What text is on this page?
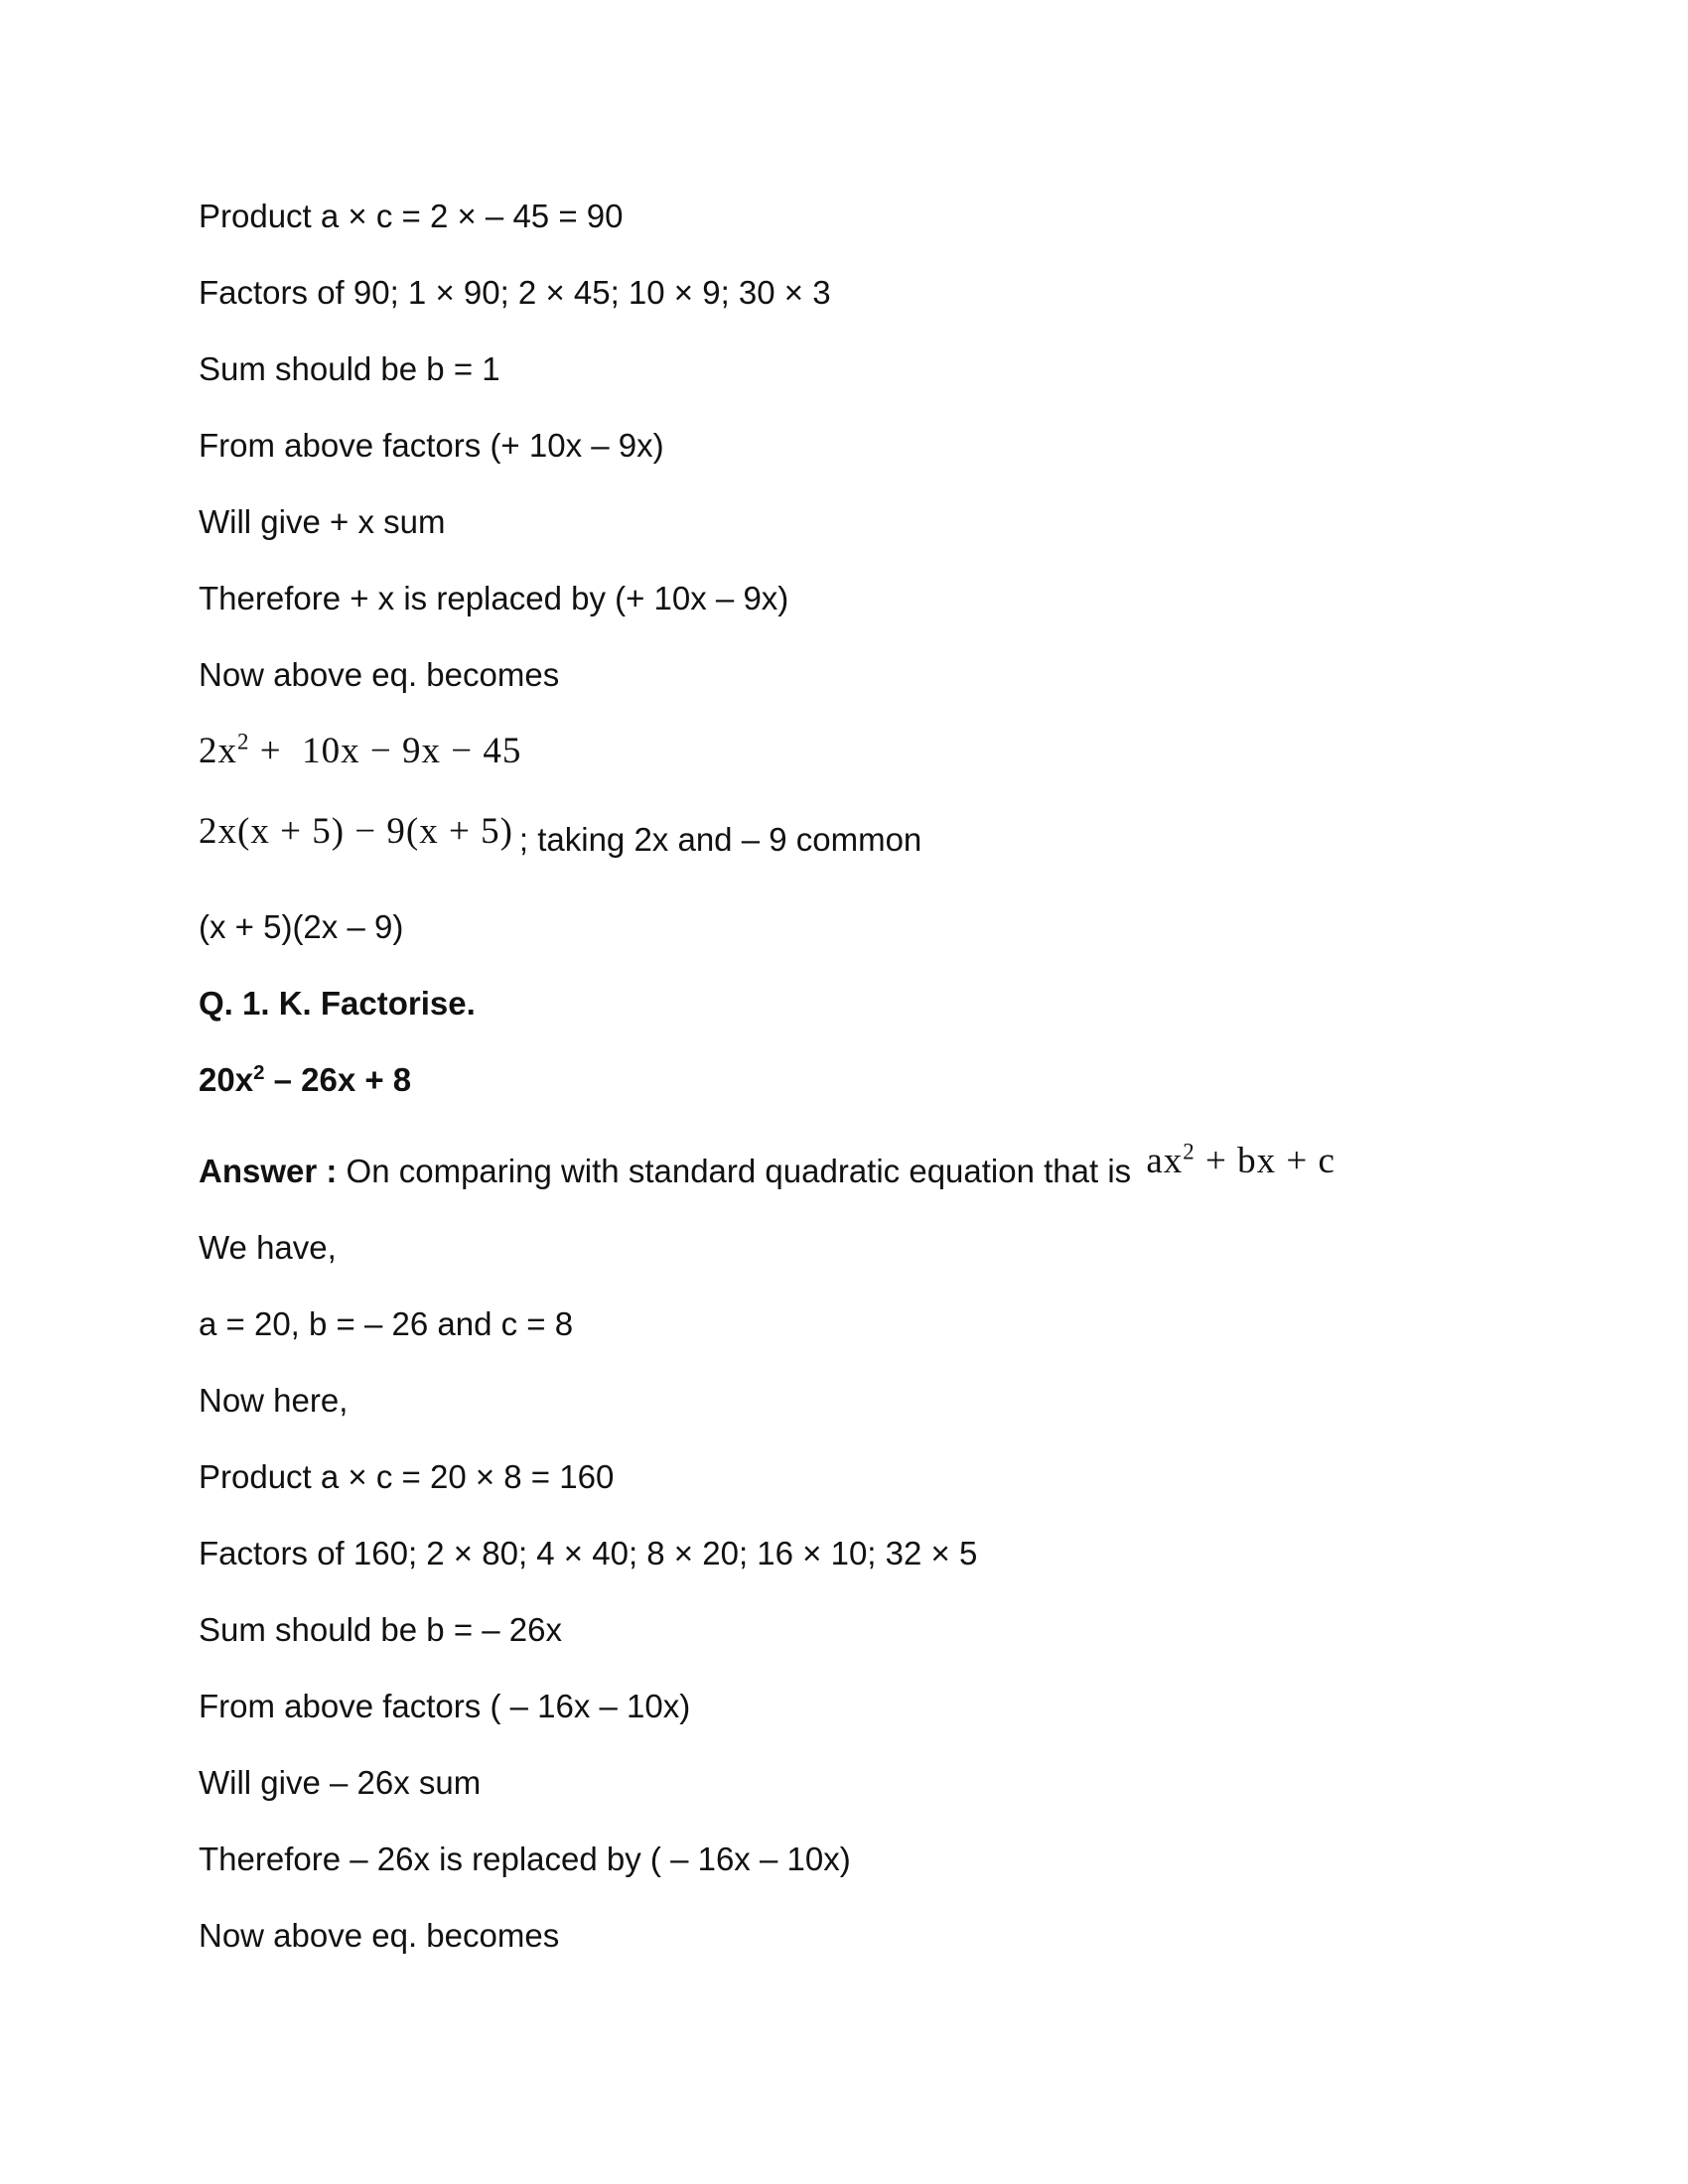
Product a × c = 2 × – 45 = 90
Factors of 90; 1 × 90; 2 × 45; 10 × 9; 30 × 3
Sum should be b = 1
From above factors (+ 10x – 9x)
Will give + x sum
Therefore + x is replaced by (+ 10x – 9x)
Now above eq. becomes
$2x^2 + 10x - 9x - 45$
2x(x + 5) − 9(x + 5) ; taking 2x and – 9 common
(x + 5)(2x – 9)
Q. 1. K. Factorise.
$20x^2 - 26x + 8$
Answer : On comparing with standard quadratic equation that is $ax^2$ + bx + c
We have,
a = 20, b = – 26 and c = 8
Now here,
Product a × c = 20 × 8 = 160
Factors of 160; 2 × 80; 4 × 40; 8 × 20; 16 × 10; 32 × 5
Sum should be b = – 26x
From above factors ( – 16x – 10x)
Will give – 26x sum
Therefore – 26x is replaced by ( – 16x – 10x)
Now above eq. becomes
